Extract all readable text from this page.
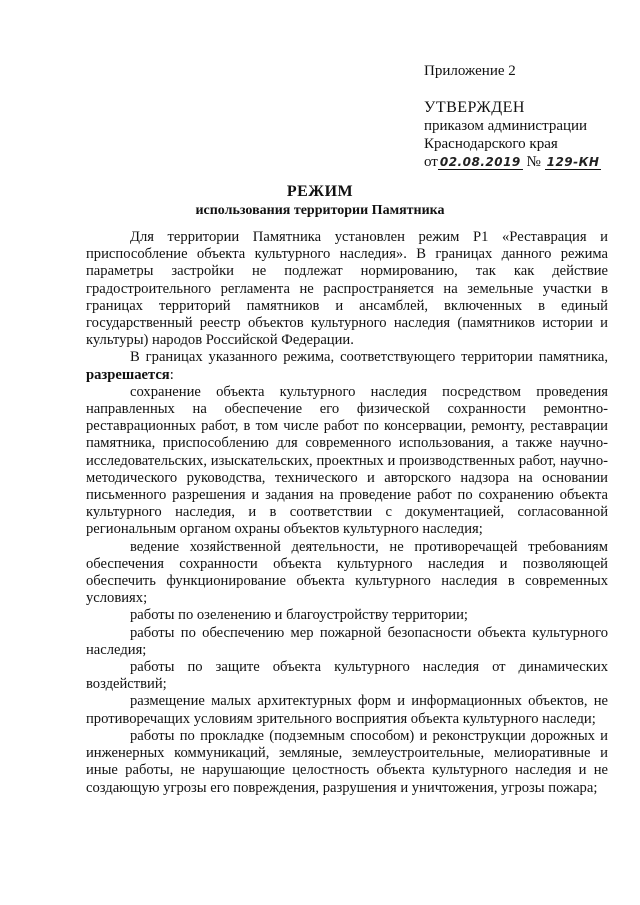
Приложение 2
УТВЕРЖДЕН
приказом администрации
Краснодарского края
от 02.08.2019 № 129-КН
РЕЖИМ
использования территории Памятника

Для территории Памятника установлен режим Р1 «Реставрация и приспособление объекта культурного наследия». В границах данного режима параметры застройки не подлежат нормированию, так как действие градостроительного регламента не распространяется на земельные участки в границах территорий памятников и ансамблей, включенных в единый государственный реестр объектов культурного наследия (памятников истории и культуры) народов Российской Федерации.

В границах указанного режима, соответствующего территории памятника, разрешается:

сохранение объекта культурного наследия посредством проведения направленных на обеспечение его физической сохранности ремонтно-реставрационных работ, в том числе работ по консервации, ремонту, реставрации памятника, приспособлению для современного использования, а также научно-исследовательских, изыскательских, проектных и производственных работ, научно-методического руководства, технического и авторского надзора на основании письменного разрешения и задания на проведение работ по сохранению объекта культурного наследия, и в соответствии с документацией, согласованной региональным органом охраны объектов культурного наследия;

ведение хозяйственной деятельности, не противоречащей требованиям обеспечения сохранности объекта культурного наследия и позволяющей обеспечить функционирование объекта культурного наследия в современных условиях;

работы по озеленению и благоустройству территории;

работы по обеспечению мер пожарной безопасности объекта культурного наследия;

работы по защите объекта культурного наследия от динамических воздействий;

размещение малых архитектурных форм и информационных объектов, не противоречащих условиям зрительного восприятия объекта культурного наследи;

работы по прокладке (подземным способом) и реконструкции дорожных и инженерных коммуникаций, земляные, землеустроительные, мелиоративные и иные работы, не нарушающие целостность объекта культурного наследия и не создающую угрозы его повреждения, разрушения и уничтожения, угрозы пожара;
